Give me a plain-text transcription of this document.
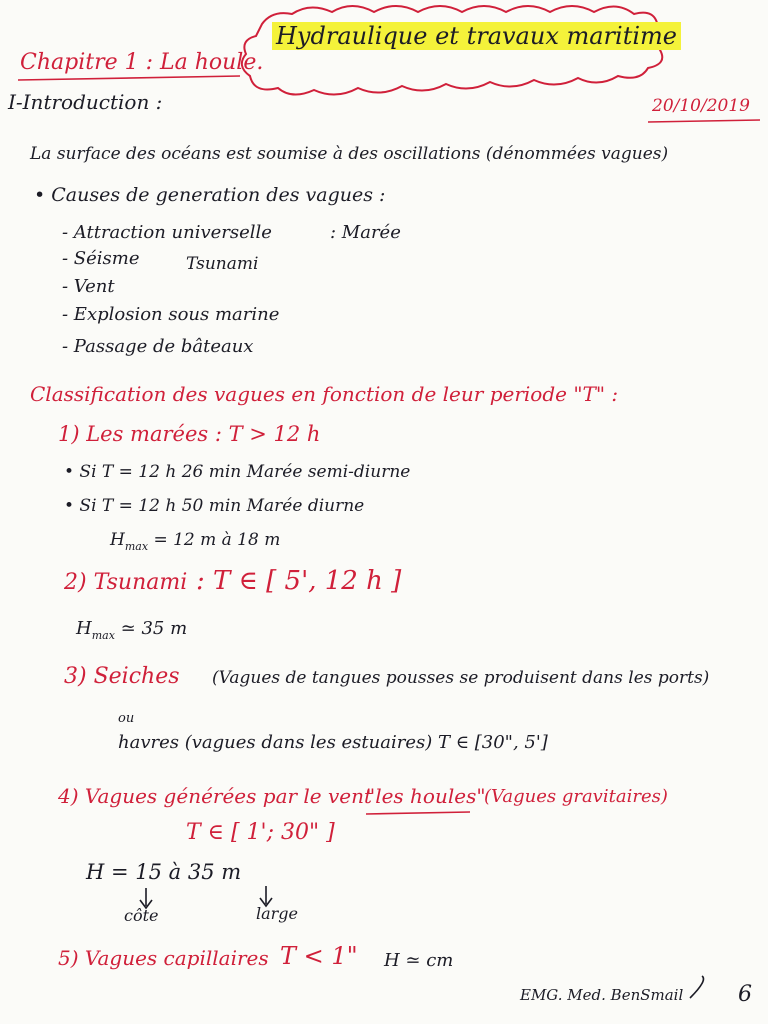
Hydraulique et travaux maritime
Chapitre 1 : La houle.
I-Introduction :	20/10/2019
La surface des océans est soumise à des oscillations (dénommées vagues)
• Causes de generation des vagues :
- Attraction universelle	: Marée
- Séisme	Tsunami
- Vent
- Explosion sous marine
- Passage de bâteaux
Classification des vagues en fonction de leur periode "T" :
1) Les marées : T > 12 h
• Si T = 12 h 26 min Marée semi-diurne
• Si T = 12 h 50 min Marée diurne
$H_{max} = 12$ m à 18 m
2) Tsunami : T ∈ [ 5', 12 h ]
$H_{max}$ ≃ 35 m
3) Seiches (Vagues de tangues pousses se produisent dans les ports)
ou
havres (vagues dans les estuaires) T ∈ [30", 5']
4) Vagues générées par le vent
"les houles"
(Vagues gravitaires)
T ∈ [ 1'; 30" ]
H = 15 à 35 m
côte	large
5) Vagues capillaires T < 1" H ≃ cm
EMG. Med. BenSmail 6
